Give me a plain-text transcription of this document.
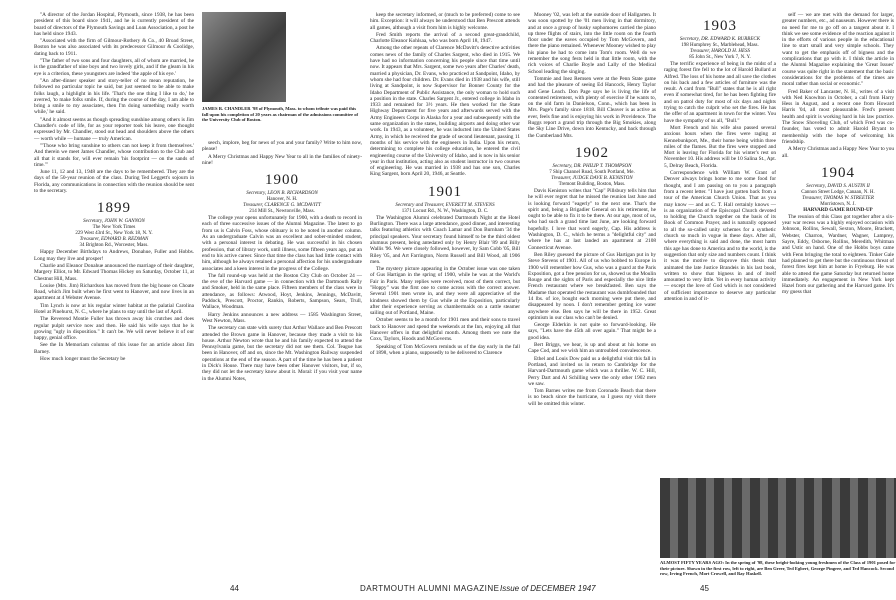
"A director of the Jordan Hospital, Plymouth, since 1938, he has been president of this board since 1941, and he is currently president of the board of directors of the Plymouth Savings and Loan Association, a post he has held since 1943.

"Associated with the firm of Gilmour-Rothery & Co., 40 Broad Street, Boston he was also associated with its predecessor Gilmour & Coolidge, dating back to 1911.

"The father of two sons and four daughters, all of whom are married, he is the grandfather of nine boys and two lovely girls, and if the gleam in his eye is a criterion, these youngsters are indeed 'the apple of his eye.'

"An after-dinner speaker and story-teller of no mean reputation, he followed no particular topic he said, but just seemed to be able to make folks laugh, a highlight in his life. 'That's the one thing I like to do,' he averred, 'to make folks smile. If, during the course of the day, I am able to bring a smile to my associates, then I'm doing something really worth while,' he said.

"And it almost seems as though spreading sunshine among others is Jim Chandler's code of life, for as your reporter took his leave, one thought expressed by Mr. Chandler, stood out head and shoulders above the others — worth while — humane — truly American.

"'Those who bring sunshine to others can not keep it from themselves.' And therein we meet James Chandler, whose contribution to the Club and all that it stands for, will ever remain 'his footprint — on the sands of time.'"

June 11, 12 and 13, 1948 are the days to be remembered. They are the days of the 50-year reunion of the class. During Ted Leggett's sojourn in Florida, any communications in connection with the reunion should be sent to the secretary.

1899
Secretary, JOHN W. GANNON
The New York Times
229 West 43rd St., New York 18, N. Y.
Treasurer, EDWARD B. REDMAN
34 Brighton Rd., Worcester, Mass.

Happy December Birthdays to Andrews, Donahue, Fuller and Hobbs. Long may they live and prosper!

Charlie and Eleanor Donahue announced the marriage of their daughter, Margery Elliot, to Mr. Edward Thomas Hickey on Saturday, October 11, at Chestnut Hill, Mass.

Louise (Mrs. Jim) Richardson has moved from the big house on Choate Road, which Jim built when he first went to Hanover, and now lives in an apartment at 4 Webster Avenue.

Tim Lynch is now at his regular winter habitat at the palatial Carolina Hotel at Pinehurst, N. C., where he plans to stay until the last of April.

The Reverend Montie Fuller has thrown away his crutches and does regular pulpit service now and then. He said his wife says that he is growing "ugly in disposition." It can't be. We will never believe it of our happy, genial office.

See the In Memoriam columns of this issue for an article about Jim Barney.

How much longer must the Secretary be

JAMES R. CHANDLER '98 of Plymouth, Mass. to whom tribute was paid this fall upon his completion of 20 years as chairman of the admissions committee of the University Club of Boston.

seech, implore, beg for news of you and your family? Write to him now, please!

A Merry Christmas and Happy New Year to all in the families of ninety-nine!

1900
Secretary, LEON B. RICHARDSON
Hanover, N. H.
Treasurer, CLARENCE G. MCDAVITT
214 Mill St., Newtonville, Mass.

The college year opens unfortunately for 1900, with a death to record in each of three successive issues of the Alumni Magazine. The latest to go from us is Calvin Foss, whose obituary is to be noted in another column. As an undergraduate Calvin was an excellent and sober-minded student, with a personal interest in debating. He was successful in his chosen profession, that of library work, until illness, some fifteen years ago, put an end to his active career. Since that time the class has had little contact with him, although he always retained a personal affection for his undergraduate associates and a keen interest in the progress of the College.

The fall round-up was held at the Boston City Club on October 24 — the eve of the Harvard game — in connection with the Dartmouth Rally and Smoker, held in the same place. Fifteen members of the class were in attendance, as follows: Atwood, Hoyt, Jenkins, Jennings, McDavitt, Paddock, Prescott, Proctor, Rankin, Roberts, Sampson, Sears, Trull, Wallace, Woodman.

Harry Jenkins announces a new address — 1585 Washington Street, West Newton, Mass.

The secretary can state with surety that Arthur Wallace and Ben Prescott attended the Brown game in Hanover, because they made a visit to his house. Arthur Newton wrote that he and his family expected to attend the Pennsylvania game, but the secretary did not see them. Col. Teague has been in Hanover, off and on, since the Mt. Washington Railway suspended operations at the end of the season. A part of the time he has been a patient in Dick's House. There may have been other Hanover visitors, but, if so, they did not let the secretary know about it. Moral: if you visit your name in the Alumni Notes,

keep the secretary informed, or (much to be preferred) come to see him. Exception: it will always be understood that Ben Prescott attends all games, although a visit from him is highly welcome.

Fred Smith reports the arrival of a second great-grandchild, Charlotte Eleanor Kohlsaa, who was born April 18, 1947.

Among the other repeats of Clarence McDavitt's detective activities comes news of the family of Charles Sargent, who died in 1915. We have had no information concerning his people since that time until now. It appears that Mrs. Sargent, some two years after Charles' death, married a physician, Dr. Evans, who practiced at Sandpoint, Idaho, by whom she had four children. Dr. Evans died in 1938 and his wife, still living at Sandpoint, is now Supervisor for Bonner County for the Idaho Department of Public Assistance, the only woman to hold such a position in the state. Charles Sargent Jr., entered college in Idaho in 1933 and remained for 3½ years. He then worked for the State Highway Department for five years and afterwards served with the Army Engineers Corps in Alaska for a year and subsequently with the same organization in the states, building airports and doing other war work. In 1943, as a volunteer, he was inducted into the United States Army, in which he received the grade of second lieutenant, passing 11 months of his service with the engineers in India. Upon his return, determining to complete his college education, he entered the civil engineering course of the University of Idaho, and is now in his senior year in that institution, acting also as student instructor in two courses of engineering. He was married in 1938 and has one son, Charles King Sargent, born April 20, 1946, at Seattle.

1901
Secretary and Treasurer, EVERETT M. STEVENS
1371 Locust Rd., N. W., Washington, D. C.

The Washington Alumni celebrated Dartmouth Night at the Hotel Burlington. There was a large attendance, good dinner, and interesting talks featuring athletics with Coach Lamar and Don Burnham '34 the principal speakers. Your secretary found himself to be the third oldest alumnus present, being antedated only by Henry Blair '89 and Billy Wallis '96. We were closely followed, however, by Sam Cobb '05, Bill Riley '05, and Art Farrington, Norm Russell and Bill Wood, all 1906 men.

The mystery picture appearing in the October issue was one taken of Gus Hartigan in the spring of 1900, while he was at the World's Fair in Paris. Many replies were received, most of them correct, but "Hoppy" was the first one to come across with the correct answer. Several 1901 men wrote in, and they were all appreciative of the kindness showed them by Gus while at the Exposition, particularly after their experience serving as chambermaids on a cattle steamer sailing out of Portland, Maine.

October seems to be a month for 1901 men and their sons to travel back to Hanover and spend the weekends at the Inn, enjoying all that Hanover offers in that delightful month. Among them we note the Coxs, Taylors, Hoods and McGoverns.

Speaking of Tom McGovern reminds us of the day early in the fall of 1898, when a piano, supposedly to be delivered to Clarence

Mooney '02, was left at the outside door of Hallgarten. It was soon spotted by the '01 men living in that dormitory, and at once a group of husky sophomores carried the piano up three flights of stairs, into the little room on the fourth floor under the eaves occupied by Tom McGovern, and there the piano remained. Whenever Mooney wished to play his piano he had to come into Tom's room. Well do we remember the song fests held in that little room, with the rich voices of Charlie Boyle and Lally of the Medical School leading the singing.

Tommie and Inez Remsen were at the Penn State game and had the pleasure of seeing Ed Hancock, Henry Taylor and Gene Leach. Don Page says he is living the life of contented retirement, with plenty of exercise if he wants to, on the old farm in Danielson, Conn., which has been in Mrs. Page's family since 1818. Bill Cleaver is as active as ever, feels fine and is enjoying his work in Providence. The Ruggs report a grand trip through the Big Smokies, along the Sky Line Drive, down into Kentucky, and back through the Cumberland Mts.

1902
Secretary, DR. PHILIP T. THOMPSON
7 Ship Channel Road, South Portland, Me.
Treasurer, JUDGE DAVE B. KENISTON
Tremont Building, Boston, Mass.

Davis Keniston writes that "Cap" Pillsbury tells him that he will ever regret that he missed the reunion last June and is looking forward "eagerly" to the next one. That's the spirit and, being a Brigadier General on his retirement, he ought to be able to fix it to be there. At our age, most of us, who had such a grand time last June, are looking forward hopefully. I love that word eagerly, Cap. His address is Washington, D. C., which he terms a "delightful city" and where he has at last landed an apartment at 2108 Connecticut Avenue.

Ben Riley guessed the picture of Gus Hartigan put in by Steve Stevens of 1901. All of us who bobbed to Europe in 1900 will remember how Gus, who was a guard at the Paris Exposition, got a free pension for us, showed us the Moulin Rouge and the sights of Paris and especially the nice little French restaurant where we breakfasted. Ben says the Madame that operated the restaurant was dumbfounded that 14 lbs. of ice, bought each morning were put there, and disappeared by noon. I don't remember getting ice water anywhere else. Ben says he will be there in 1952. Great optimism in our class who can't be denied.

George Elderkin is not quite so forward-looking. He says, "Lets have the 45th all over again." That might be a good idea.

Bert Briggs, we hear, is up and about at his home on Cape Cod, and we wish him an untroubled convalescence.

Ethel and Louis Dow paid us a delightful visit this fall in Portland, and invited us in return to Cambridge for the Harvard-Dartmouth game which was a thriller. W. C. Hill, Perry Dart and Al Schilling were the only other 1902 men we saw.

Tom Barnes writes me from Coronado Beach that there is no beach since the hurricane, so I guess my visit there will be omitted this winter.

1903
Secretary, DR. EDWARD K. BURBECK
198 Humphrey St., Marblehead, Mass.
Treasurer, HAROLD H. HESS
85 John St., New York 7, N. Y.

The terrific experience of being in the midst of a raging forest fire fell to the lot of Harold Bullard at Alfred. The loss of his home and all save the clothes on his back and a few articles of furniture was the result. A card from "Bull" states that he is all right even if somewhat tired, for he has been fighting fire and on patrol duty for most of six days and nights trying to catch the culprit who set the fires. He has the offer of an apartment in town for the winter. You have the sympathy of us all, "Bull."

Mort French and his wife also passed several anxious hours when the fires were raging at Kennebunkport, Me., their home being within three miles of the flames. But the fires were stopped and Mort is leaving for Florida for his winter's rest on November 10. His address will be 10 Salina St., Apt. 5, Delray Beach, Florida.

Correspondence with William W. Grant of Denver always brings home to me some food for thought, and I am passing on to you a paragraph from a recent letter. "I have just gotten back from a tour of the American Church Union. That as you may know — and as C. T. Hall certainly knows — is an organization of the Episcopal Church devoted to holding the Church together on the basis of its Book of Common Prayer, and is naturally opposed to all the so-called unity schemes for a synthetic church so much in vogue in these days. After all, where everything is said and done, the most harm this age has done to America and to the world, is the suggestion that only size and numbers count. I think it was the motive to disprove this thesis that animated the late Justice Brandeis in his last book, written to show that bigness in and of itself amounted to very little. Yet in every human activity — except the love of God which is not considered of sufficient importance to deserve any particular attention in and of it-

self — we are met with the demand for larger, greater numbers, etc., ad nauseum. However there is no need for me to go off on a tangent about it. I think we see some evidence of the reaction against it in the efforts of various people in the educational line to start small and very simple schools. They want to get the emphasis off of bigness and the complications that go with it. I think the article in the Alumni Magazine explaining the 'Great Issues' course was quite right in the statement that the basic considerations for the problems of the times are moral rather than social or economic."

Fred Baker of Lancaster, N. H., writes of a visit with Ned Knowlton in October, a call from Harry Hess in August, and a recent one from Howard Harris '04, all most pleasurable. Fred's present health and spirit is working hard in his law practice. The Snow Shoveling Club, of which Fred was co-founder, has voted to admit Harold Bryant to membership with the hope of welcoming his friendship.

A Merry Christmas and a Happy New Year to you all.

1904
Secretary, DAVID S. AUSTIN II
Cannon Street Lodge, Canaan, N. H.
Treasurer, THOMAS W. STREETER
Morristown, N. J.
HARVARD GAME ROUND-UP

The reunion of this Class got together after a six-year war recess was a highly enjoyed occasion with Johnson, Rollins, Sewall, Sexton, Moore, Brackett, Webster, Charron, Wardner, Wagner, Lamprey, Sayre, Eddy, Osborne, Rollins, Meredith, Whitman and Ustic on hand. One of the Hobbs boys came with Fenn bringing the total to eighteen. Tinker Gale had planned to get there but the continuous threat of forest fires kept him at home in Fryeburg. He was able to attend the game Saturday but returned home immediately. An engagement in New York kept Hazel from our gathering and the Harvard game. It's my guess that

ALMOST FIFTY YEARS AGO: In the spring of '98, these bright-looking young freshmen of the Class of 1901 posed for their picture. Shown in the first row, left to right, are Ben Greer, Ted Egbert, George Pingree, and Ted Hancock. Second row, Irving French, Mort Crowell, and Ray Haskell.
44	DARTMOUTH ALUMNI MAGAZINE Issue of DECEMBER 1947	45
